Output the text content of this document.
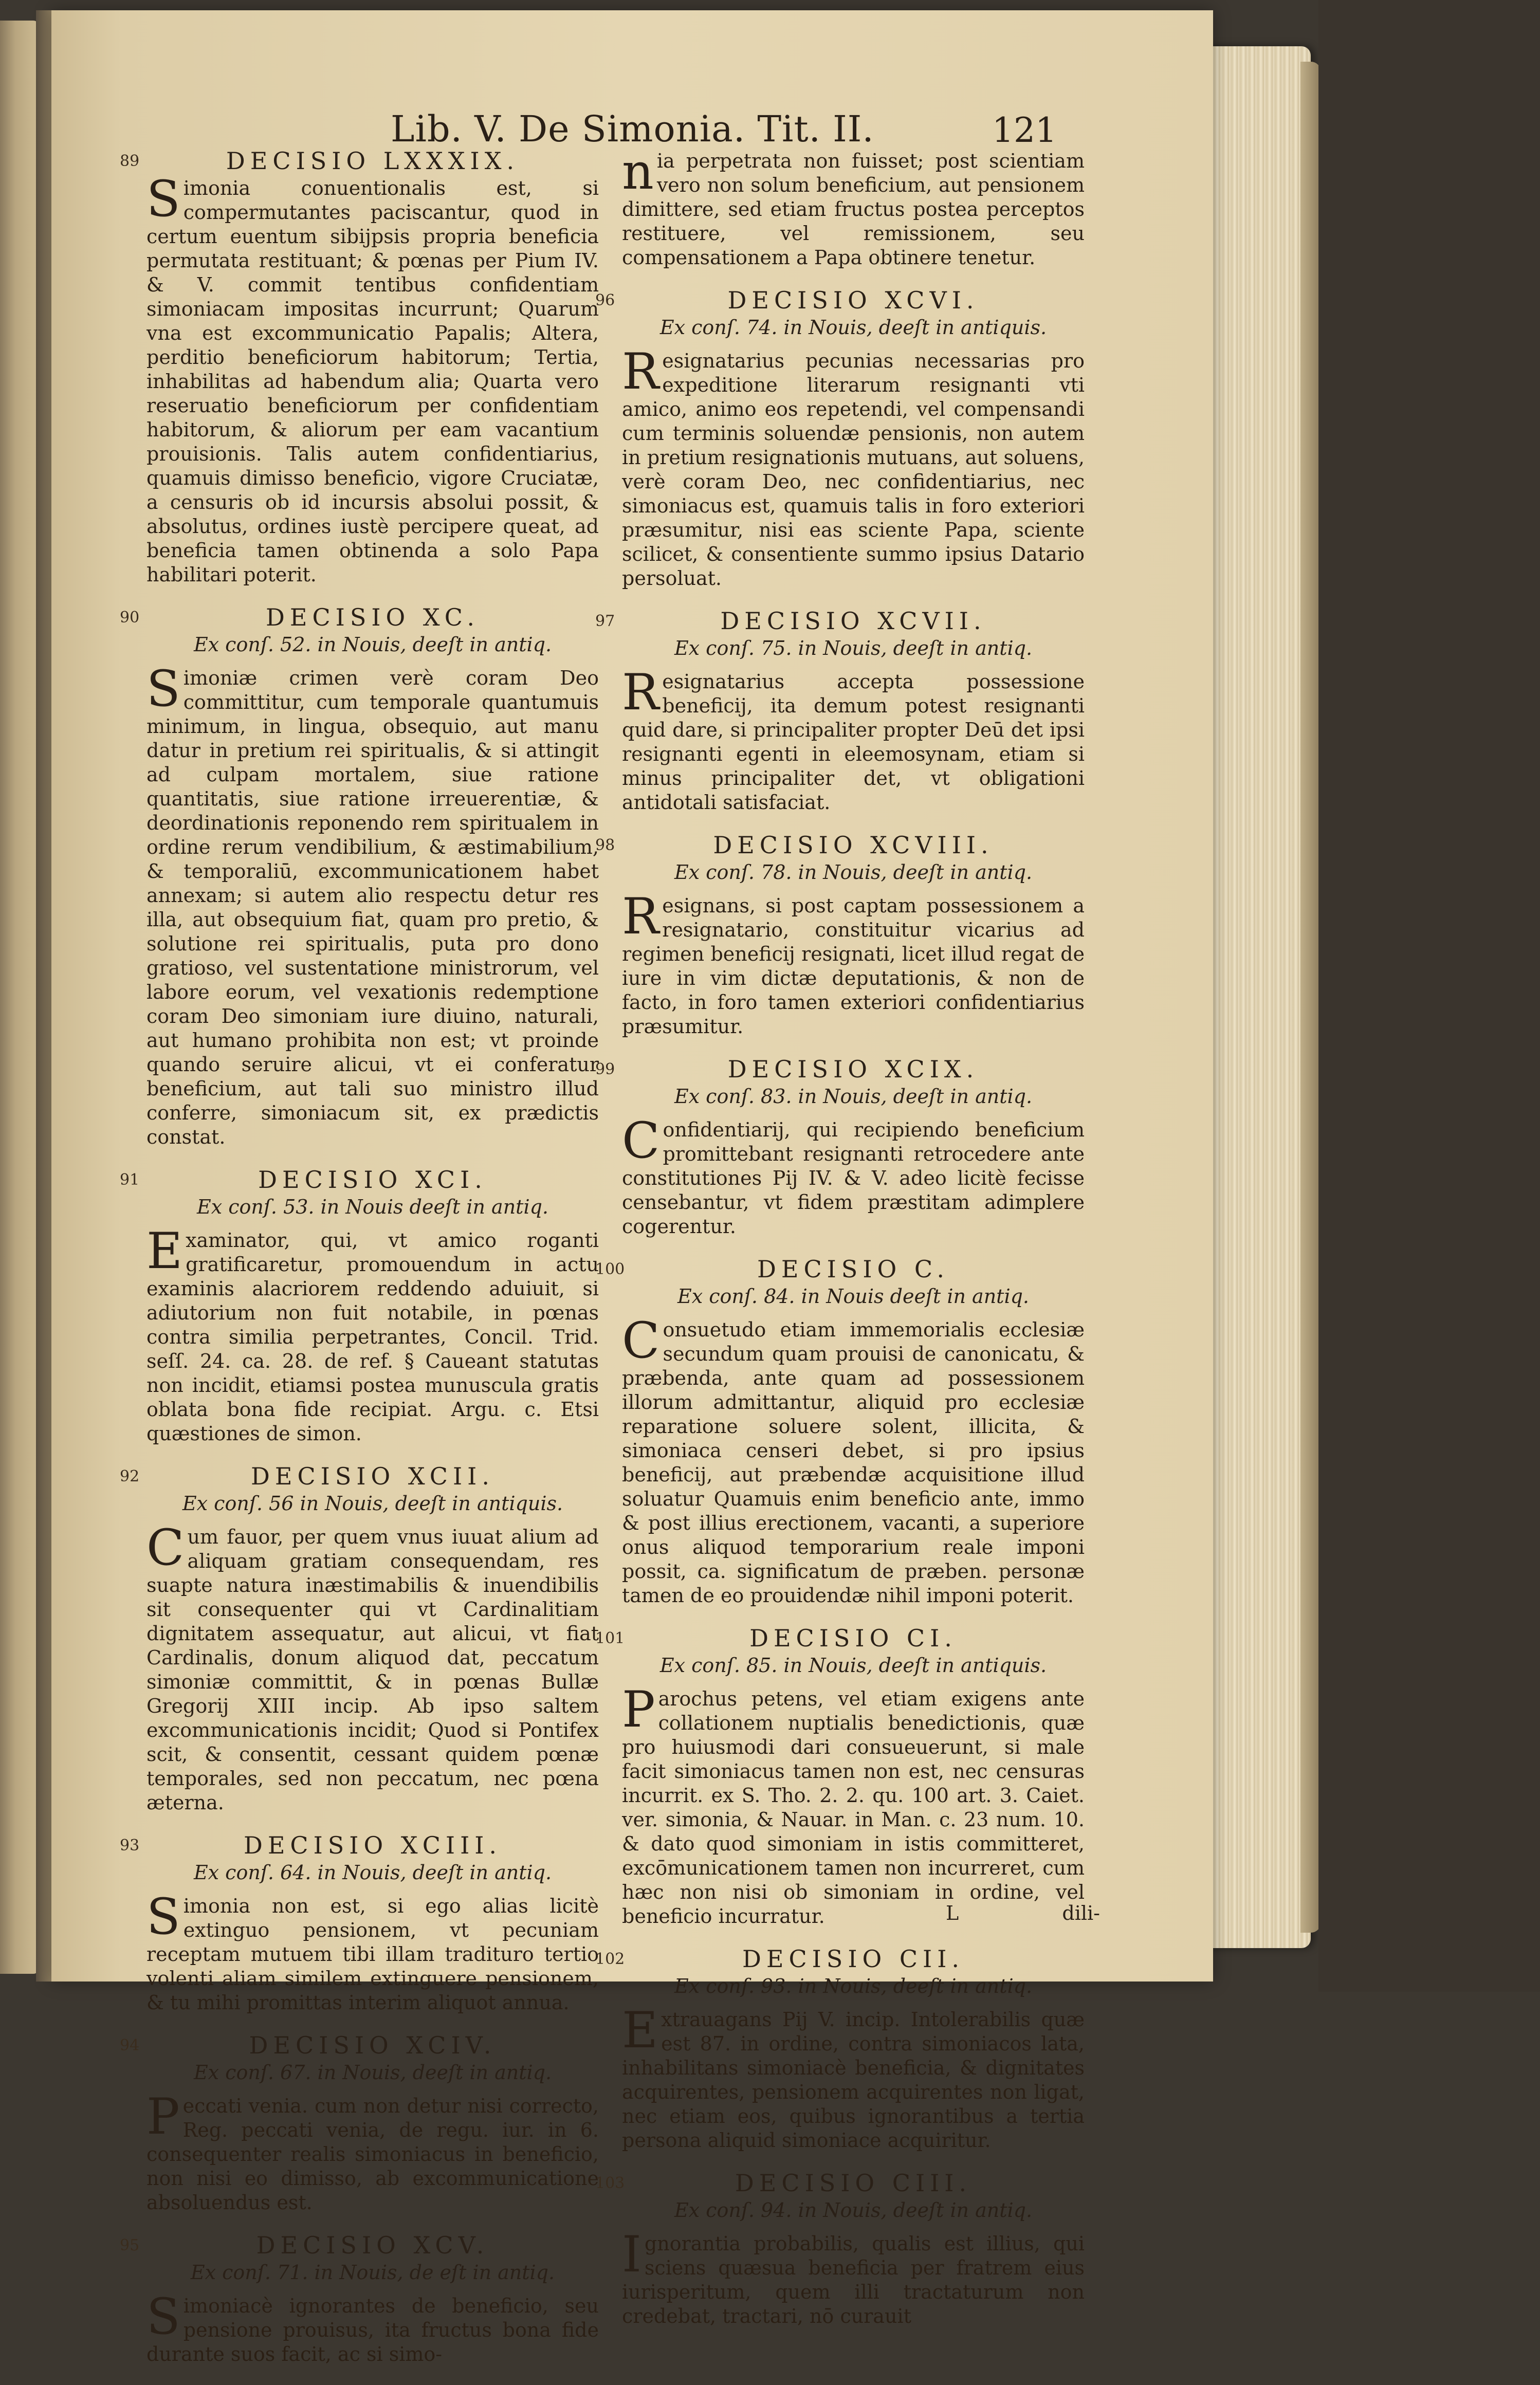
Lib. V. De Simonia. Tit. II.	121
DECISIO LXXXIX.
89
Simonia conuentionalis est, si compermutantes paciscantur, quod in certum euentum sibijpsis propria beneficia permutata restituant; & pœnas per Pium IV. & V. commit tentibus confidentiam simoniacam impositas incurrunt; Quarum vna est excommunicatio Papalis; Altera, perditio beneficiorum habitorum; Tertia, inhabilitas ad habendum alia; Quarta vero reseruatio beneficiorum per confidentiam habitorum, & aliorum per eam vacantium prouisionis. Talis autem confidentiarius, quamuis dimisso beneficio, vigore Cruciatæ, a censuris ob id incursis absolui possit, & absolutus, ordines iustè percipere queat, ad beneficia tamen obtinenda a solo Papa habilitari poterit.
DECISIO XC.
Ex conſ. 52. in Nouis, deeſt in antiq.
90
Simoniæ crimen verè coram Deo committitur, cum temporale quantumuis minimum, in lingua, obsequio, aut manu datur in pretium rei spiritualis, & si attingit ad culpam mortalem, siue ratione quantitatis, siue ratione irreuerentiæ, & deordinationis reponendo rem spiritualem in ordine rerum vendibilium, & æstimabilium, & temporaliū, excommunicationem habet annexam; si autem alio respectu detur res illa, aut obsequium fiat, quam pro pretio, & solutione rei spiritualis, puta pro dono gratioso, vel sustentatione ministrorum, vel labore eorum, vel vexationis redemptione coram Deo simoniam iure diuino, naturali, aut humano prohibita non est; vt proinde quando seruire alicui, vt ei conferatur beneficium, aut tali suo ministro illud conferre, simoniacum sit, ex prædictis constat.
DECISIO XCI.
Ex conſ. 53. in Nouis deeſt in antiq.
91
Examinator, qui, vt amico roganti gratificaretur, promouendum in actu examinis alacriorem reddendo aduiuit, si adiutorium non fuit notabile, in pœnas contra similia perpetrantes, Concil. Trid. seſſ. 24. ca. 28. de ref. § Caueant statutas non incidit, etiamsi postea munuscula gratis oblata bona fide recipiat. Argu. c. Etsi quæstiones de simon.
DECISIO XCII.
Ex conſ. 56 in Nouis, deeſt in antiquis.
92
Cum fauor, per quem vnus iuuat alium ad aliquam gratiam consequendam, res suapte natura inæstimabilis & inuendibilis sit consequenter qui vt Cardinalitiam dignitatem assequatur, aut alicui, vt fiat Cardinalis, donum aliquod dat, peccatum simoniæ committit, & in pœnas Bullæ Gregorij XIII incip. Ab ipso saltem excommunicationis incidit; Quod si Pontifex scit, & consentit, cessant quidem pœnæ temporales, sed non peccatum, nec pœna æterna.
DECISIO XCIII.
Ex conſ. 64. in Nouis, deeſt in antiq.
93
Simonia non est, si ego alias licitè extinguo pensionem, vt pecuniam receptam mutuem tibi illam tradituro tertio volenti aliam similem extinguere pensionem, & tu mihi promittas interim aliquot annua.
DECISIO XCIV.
Ex conſ. 67. in Nouis, deeſt in antiq.
94
Peccati venia. cum non detur nisi correcto, Reg. peccati venia, de regu. iur. in 6. consequenter realis simoniacus in beneficio, non nisi eo dimisso, ab excommunicatione absoluendus est.
DECISIO XCV.
Ex conſ. 71. in Nouis, de eſt in antiq.
95
Simoniacè ignorantes de beneficio, seu pensione prouisus, ita fructus bona fide durante suos facit, ac si simo-
nia perpetrata non fuisset; post scientiam vero non solum beneficium, aut pensionem dimittere, sed etiam fructus postea perceptos restituere, vel remissionem, seu compensationem a Papa obtinere tenetur.
DECISIO XCVI.
Ex conſ. 74. in Nouis, deeſt in antiquis.
96
Resignatarius pecunias necessarias pro expeditione literarum resignanti vti amico, animo eos repetendi, vel compensandi cum terminis soluendæ pensionis, non autem in pretium resignationis mutuans, aut soluens, verè coram Deo, nec confidentiarius, nec simoniacus est, quamuis talis in foro exteriori præsumitur, nisi eas sciente Papa, sciente scilicet, & consentiente summo ipsius Datario persoluat.
DECISIO XCVII.
Ex conſ. 75. in Nouis, deeſt in antiq.
97
Resignatarius accepta possessione beneficij, ita demum potest resignanti quid dare, si principaliter propter Deū det ipsi resignanti egenti in eleemosynam, etiam si minus principaliter det, vt obligationi antidotali satisfaciat.
DECISIO XCVIII.
Ex conſ. 78. in Nouis, deeſt in antiq.
98
Resignans, si post captam possessionem a resignatario, constituitur vicarius ad regimen beneficij resignati, licet illud regat de iure in vim dictæ deputationis, & non de facto, in foro tamen exteriori confidentiarius præsumitur.
DECISIO XCIX.
Ex conſ. 83. in Nouis, deeſt in antiq.
99
Confidentiarij, qui recipiendo beneficium promittebant resignanti retrocedere ante constitutiones Pij IV. & V. adeo licitè fecisse censebantur, vt fidem præstitam adimplere cogerentur.
DECISIO C.
Ex conſ. 84. in Nouis deeſt in antiq.
100
Consuetudo etiam immemorialis ecclesiæ secundum quam prouisi de canonicatu, & præbenda, ante quam ad possessionem illorum admittantur, aliquid pro ecclesiæ reparatione soluere solent, illicita, & simoniaca censeri debet, si pro ipsius beneficij, aut præbendæ acquisitione illud soluatur Quamuis enim beneficio ante, immo & post illius erectionem, vacanti, a superiore onus aliquod temporarium reale imponi possit, ca. significatum de præben. personæ tamen de eo prouidendæ nihil imponi poterit.
DECISIO CI.
Ex conſ. 85. in Nouis, deeſt in antiquis.
101
Parochus petens, vel etiam exigens ante collationem nuptialis benedictionis, quæ pro huiusmodi dari consueuerunt, si male facit simoniacus tamen non est, nec censuras incurrit. ex S. Tho. 2. 2. qu. 100 art. 3. Caiet. ver. simonia, & Nauar. in Man. c. 23 num. 10. & dato quod simoniam in istis committeret, excōmunicationem tamen non incurreret, cum hæc non nisi ob simoniam in ordine, vel beneficio incurratur.
DECISIO CII.
Ex conſ. 93. in Nouis, deeſt in antiq.
102
Extrauagans Pij V. incip. Intolerabilis quæ est 87. in ordine, contra simoniacos lata, inhabilitans simoniacè beneficia, & dignitates acquirentes, pensionem acquirentes non ligat, nec etiam eos, quibus ignorantibus a tertia persona aliquid simoniace acquiritur.
DECISIO CIII.
Ex conſ. 94. in Nouis, deeſt in antiq.
103
Ignorantia probabilis, qualis est illius, qui sciens quæsua beneficia per fratrem eius iurisperitum, quem illi tractaturum non credebat, tractari, nō curauit
L	dili-
